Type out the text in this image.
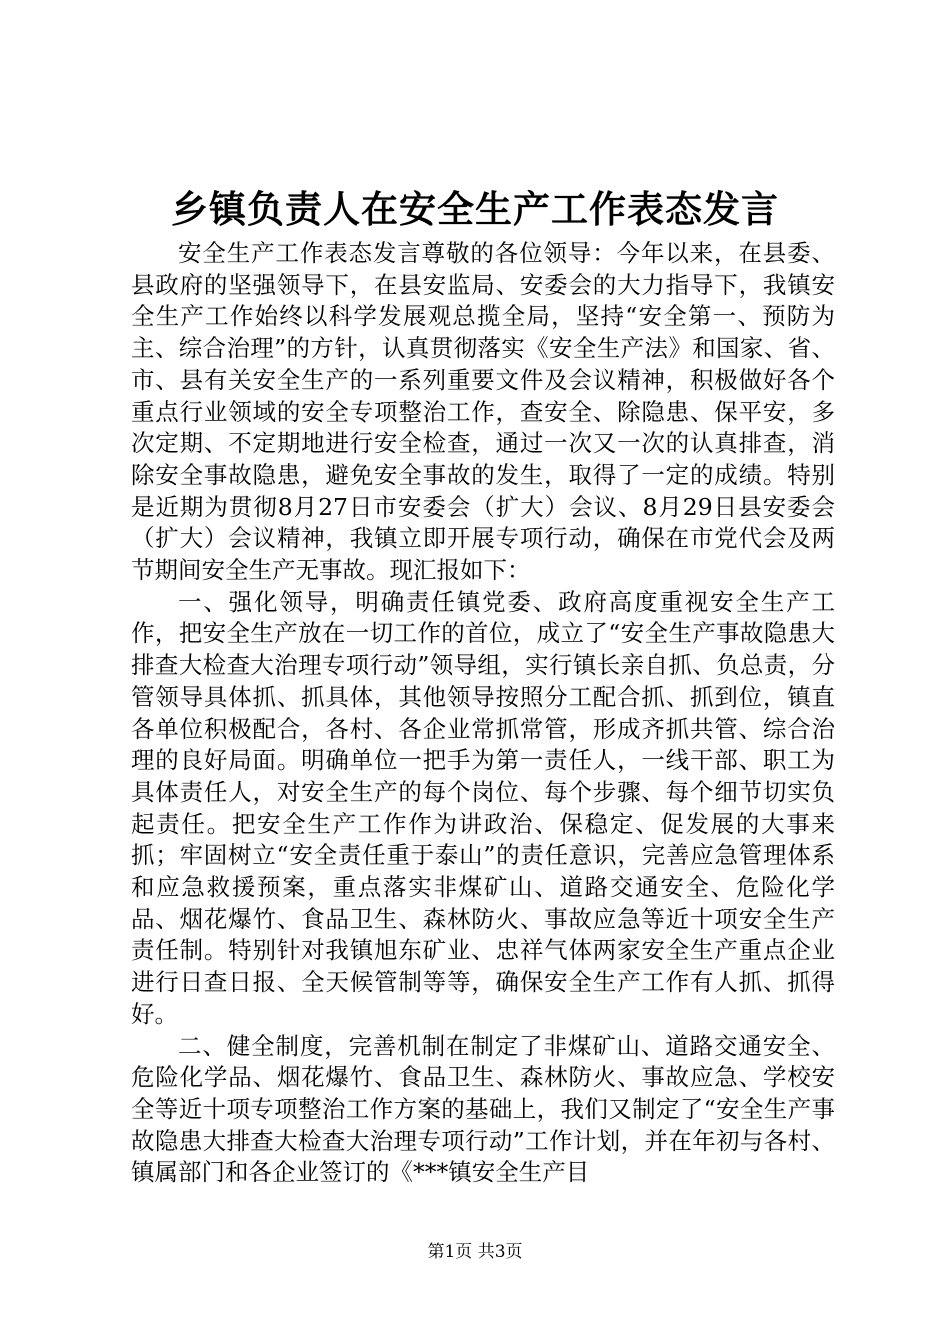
乡镇负责人在安全生产工作表态发言

安全生产工作表态发言尊敬的各位领导：今年以来，在县委、县政府的坚强领导下，在县安监局、安委会的大力指导下，我镇安全生产工作始终以科学发展观总揽全局，坚持“安全第一、预防为主、综合治理”的方针，认真贯彻落实《安全生产法》和国家、省、市、县有关安全生产的一系列重要文件及会议精神，积极做好各个重点行业领域的安全专项整治工作，查安全、除隐患、保平安，多次定期、不定期地进行安全检查，通过一次又一次的认真排查，消除安全事故隐患，避免安全事故的发生，取得了一定的成绩。特别是近期为贯彻8月27日市安委会（扩大）会议、8月29日县安委会（扩大）会议精神，我镇立即开展专项行动，确保在市党代会及两节期间安全生产无事故。现汇报如下：

一、强化领导，明确责任镇党委、政府高度重视安全生产工作，把安全生产放在一切工作的首位，成立了“安全生产事故隐患大排查大检查大治理专项行动”领导组，实行镇长亲自抓、负总责，分管领导具体抓、抓具体，其他领导按照分工配合抓、抓到位，镇直各单位积极配合，各村、各企业常抓常管，形成齐抓共管、综合治理的良好局面。明确单位一把手为第一责任人，一线干部、职工为具体责任人，对安全生产的每个岗位、每个步骤、每个细节切实负起责任。把安全生产工作作为讲政治、保稳定、促发展的大事来抓；牢固树立“安全责任重于泰山”的责任意识，完善应急管理体系和应急救援预案，重点落实非煤矿山、道路交通安全、危险化学品、烟花爆竹、食品卫生、森林防火、事故应急等近十项安全生产责任制。特别针对我镇旭东矿业、忠祥气体两家安全生产重点企业进行日查日报、全天候管制等等，确保安全生产工作有人抓、抓得好。

二、健全制度，完善机制在制定了非煤矿山、道路交通安全、危险化学品、烟花爆竹、食品卫生、森林防火、事故应急、学校安全等近十项专项整治工作方案的基础上，我们又制定了“安全生产事故隐患大排查大检查大治理专项行动”工作计划，并在年初与各村、镇属部门和各企业签订的《***镇安全生产目

第1页 共3页
